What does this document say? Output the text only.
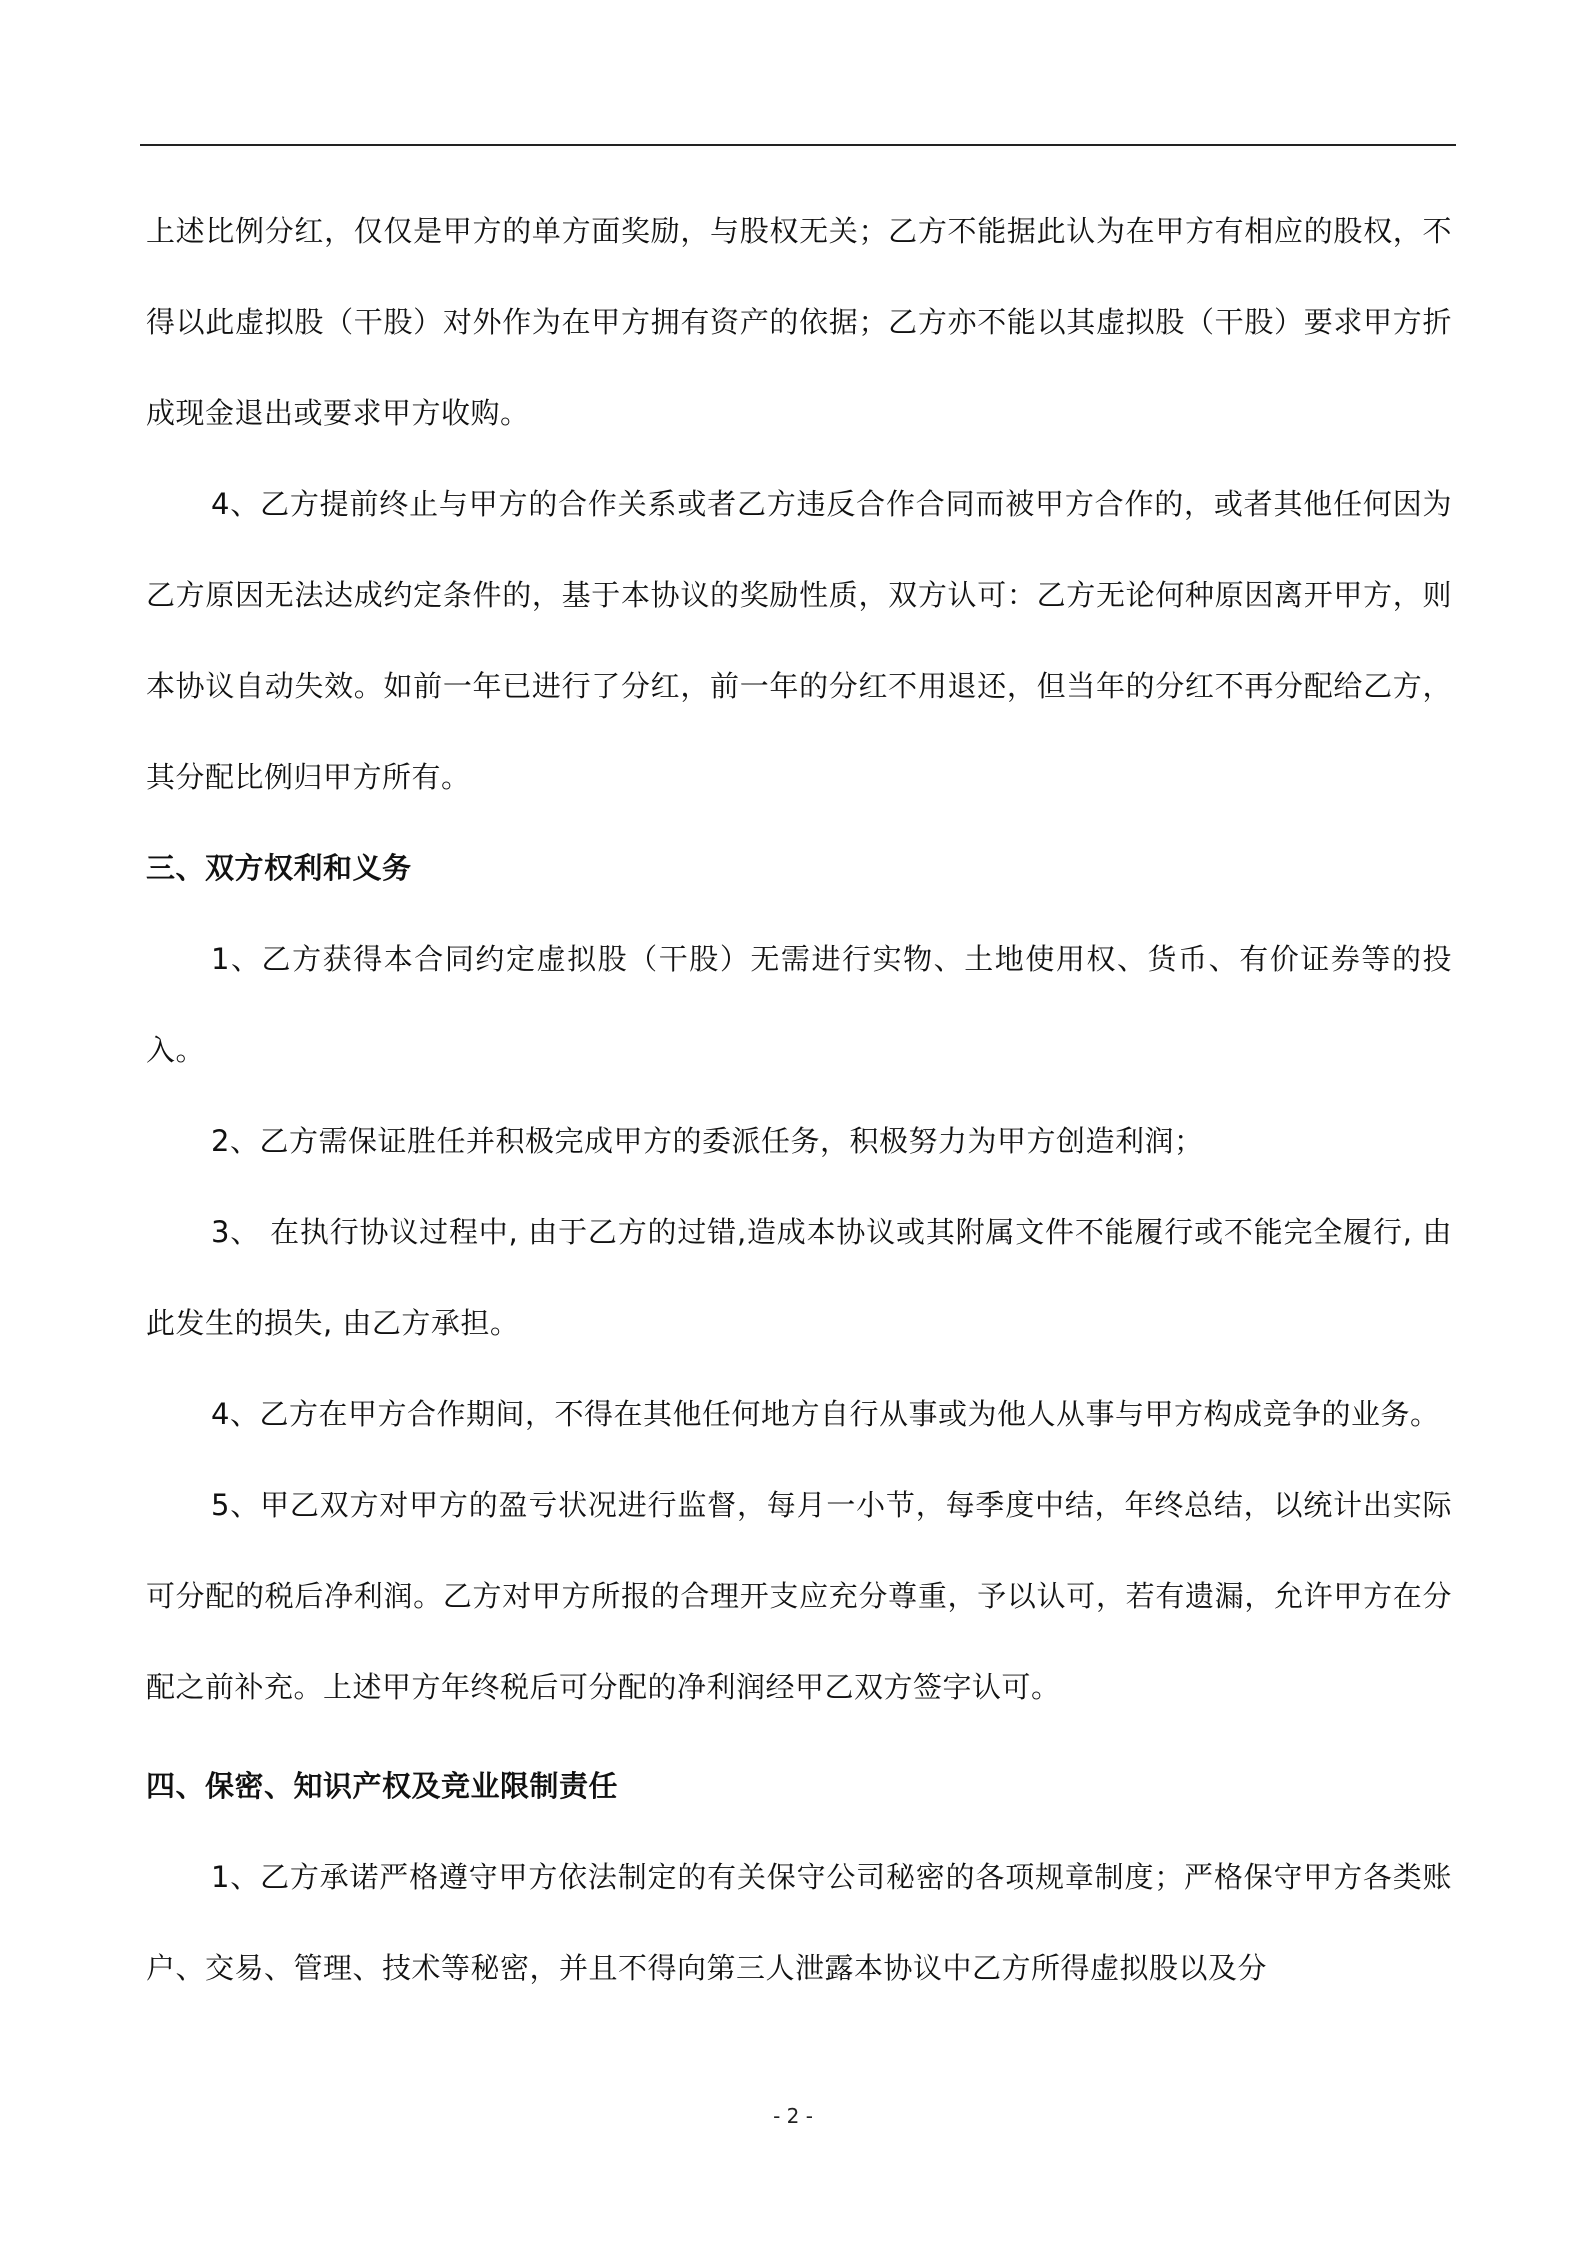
上述比例分红，仅仅是甲方的单方面奖励，与股权无关；乙方不能据此认为在甲方有相应的股权，不得以此虚拟股（干股）对外作为在甲方拥有资产的依据；乙方亦不能以其虚拟股（干股）要求甲方折成现金退出或要求甲方收购。

4、乙方提前终止与甲方的合作关系或者乙方违反合作合同而被甲方合作的，或者其他任何因为乙方原因无法达成约定条件的，基于本协议的奖励性质，双方认可：乙方无论何种原因离开甲方，则本协议自动失效。如前一年已进行了分红，前一年的分红不用退还，但当年的分红不再分配给乙方，其分配比例归甲方所有。

三、双方权利和义务

1、乙方获得本合同约定虚拟股（干股）无需进行实物、土地使用权、货币、有价证券等的投入。

2、乙方需保证胜任并积极完成甲方的委派任务，积极努力为甲方创造利润；

3、 在执行协议过程中, 由于乙方的过错,造成本协议或其附属文件不能履行或不能完全履行, 由此发生的损失, 由乙方承担。

4、乙方在甲方合作期间，不得在其他任何地方自行从事或为他人从事与甲方构成竞争的业务。

5、甲乙双方对甲方的盈亏状况进行监督，每月一小节，每季度中结，年终总结，以统计出实际可分配的税后净利润。乙方对甲方所报的合理开支应充分尊重，予以认可，若有遗漏，允许甲方在分配之前补充。上述甲方年终税后可分配的净利润经甲乙双方签字认可。

四、保密、知识产权及竞业限制责任

1、乙方承诺严格遵守甲方依法制定的有关保守公司秘密的各项规章制度；严格保守甲方各类账户、交易、管理、技术等秘密，并且不得向第三人泄露本协议中乙方所得虚拟股以及分

- 2 -
